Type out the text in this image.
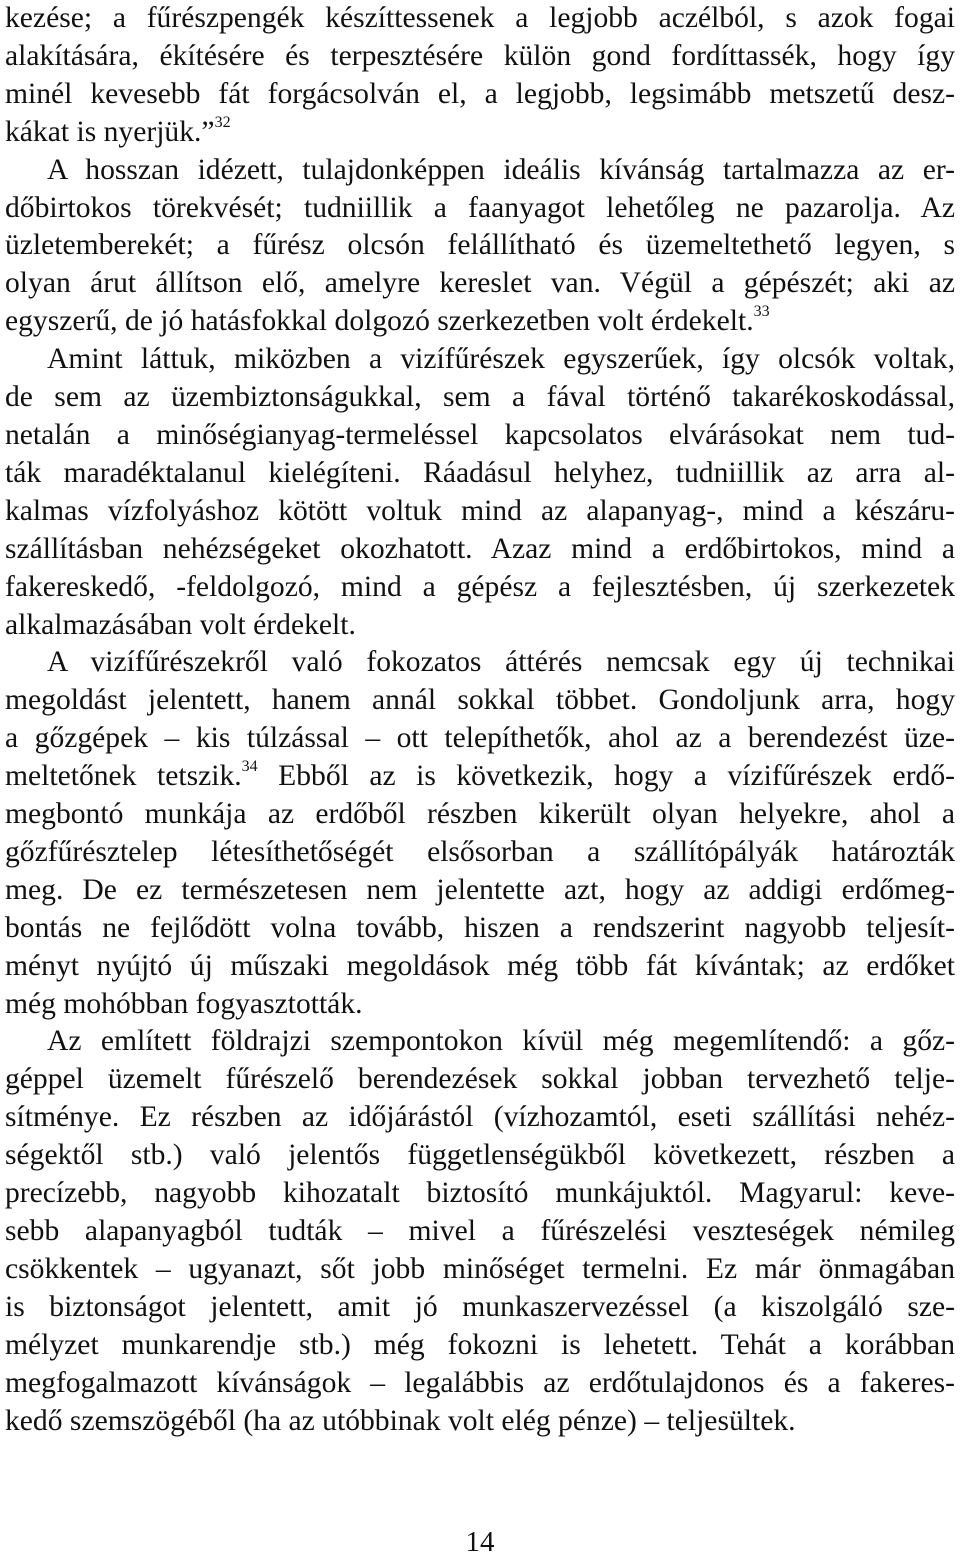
kezése; a fűrészpengék készíttessenek a legjobb aczélból, s azok fogai
alakítására, ékítésére és terpesztésére külön gond fordíttassék, hogy így
minél kevesebb fát forgácsolván el, a legjobb, legsimább metszetű desz-
kákat is nyerjük.”$^{32}$
A hosszan idézett, tulajdonképpen ideális kívánság tartalmazza az er-
dőbirtokos törekvését; tudniillik a faanyagot lehetőleg ne pazarolja. Az
üzletemberekét; a fűrész olcsón felállítható és üzemeltethető legyen, s
olyan árut állítson elő, amelyre kereslet van. Végül a gépészét; aki az
egyszerű, de jó hatásfokkal dolgozó szerkezetben volt érdekelt.$^{33}$
Amint láttuk, miközben a vizífűrészek egyszerűek, így olcsók voltak,
de sem az üzembiztonságukkal, sem a fával történő takarékoskodással,
netalán a minőségianyag-termeléssel kapcsolatos elvárásokat nem tud-
ták maradéktalanul kielégíteni. Ráadásul helyhez, tudniillik az arra al-
kalmas vízfolyáshoz kötött voltuk mind az alapanyag-, mind a készáru-
szállításban nehézségeket okozhatott. Azaz mind a erdőbirtokos, mind a
fakereskedő, -feldolgozó, mind a gépész a fejlesztésben, új szerkezetek
alkalmazásában volt érdekelt.
A vizífűrészekről való fokozatos áttérés nemcsak egy új technikai
megoldást jelentett, hanem annál sokkal többet. Gondoljunk arra, hogy
a gőzgépek – kis túlzással – ott telepíthetők, ahol az a berendezést üze-
meltetőnek tetszik.$^{34}$ Ebből az is következik, hogy a vízifűrészek erdő-
megbontó munkája az erdőből részben kikerült olyan helyekre, ahol a
gőzfűrésztelep létesíthetőségét elsősorban a szállítópályák határozták
meg. De ez természetesen nem jelentette azt, hogy az addigi erdőmeg-
bontás ne fejlődött volna tovább, hiszen a rendszerint nagyobb teljesít-
ményt nyújtó új műszaki megoldások még több fát kívántak; az erdőket
még mohóbban fogyasztották.
Az említett földrajzi szempontokon kívül még megemlítendő: a gőz-
géppel üzemelt fűrészelő berendezések sokkal jobban tervezhető telje-
sítménye. Ez részben az időjárástól (vízhozamtól, eseti szállítási nehéz-
ségektől stb.) való jelentős függetlenségükből következett, részben a
precízebb, nagyobb kihozatalt biztosító munkájuktól. Magyarul: keve-
sebb alapanyagból tudták – mivel a fűrészelési veszteségek némileg
csökkentek – ugyanazt, sőt jobb minőséget termelni. Ez már önmagában
is biztonságot jelentett, amit jó munkaszervezéssel (a kiszolgáló sze-
mélyzet munkarendje stb.) még fokozni is lehetett. Tehát a korábban
megfogalmazott kívánságok – legalábbis az erdőtulajdonos és a fakeres-
kedő szemszögéből (ha az utóbbinak volt elég pénze) – teljesültek.
14
